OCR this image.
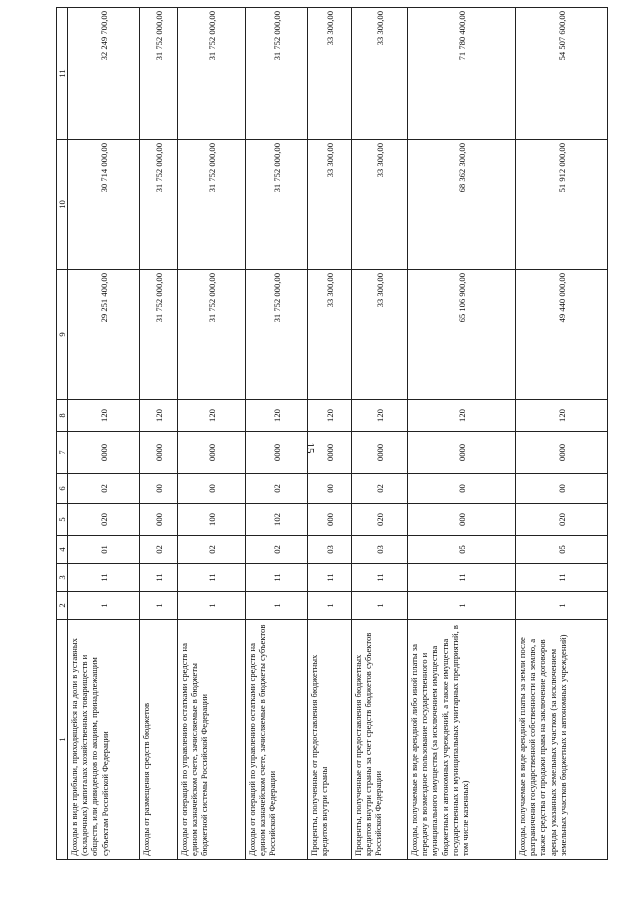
15
1	2	3	4	5	6	7	8	9	10	11
Доходы в виде прибыли, приходящейся на доли в уставных (складочных) капиталах хозяйственных товариществ и обществ, или дивидендов по акциям, принадлежащим субъектам Российской Федерации	1	11	01	020	02	0000	120	29 251 400,00	30 714 000,00	32 249 700,00
Доходы от размещения средств бюджетов	1	11	02	000	00	0000	120	31 752 000,00	31 752 000,00	31 752 000,00
Доходы от операций по управлению остатками средств на едином казначейском счете, зачисляемые в бюджеты бюджетной системы Российской Федерации	1	11	02	100	00	0000	120	31 752 000,00	31 752 000,00	31 752 000,00
Доходы от операций по управлению остатками средств на едином казначейском счете, зачисляемые в бюджеты субъектов Российской Федерации	1	11	02	102	02	0000	120	31 752 000,00	31 752 000,00	31 752 000,00
Проценты, полученные от предоставления бюджетных кредитов внутри страны	1	11	03	000	00	0000	120	33 300,00	33 300,00	33 300,00
Проценты, полученные от предоставления бюджетных кредитов внутри страны за счет средств бюджетов субъектов Российской Федерации	1	11	03	020	02	0000	120	33 300,00	33 300,00	33 300,00
Доходы, получаемые в виде арендной либо иной платы за передачу в возмездное пользование государственного и муниципального имущества (за исключением имущества бюджетных и автономных учреждений, а также имущества государственных и муниципальных унитарных предприятий, в том числе казенных)	1	11	05	000	00	0000	120	65 106 900,00	68 362 300,00	71 780 400,00
Доходы, получаемые в виде арендной платы за земли после разграничения государственной собственности на землю, а также средства от продажи права на заключение договоров аренды указанных земельных участков (за исключением земельных участков бюджетных и автономных учреждений)	1	11	05	020	00	0000	120	49 440 000,00	51 912 000,00	54 507 600,00
